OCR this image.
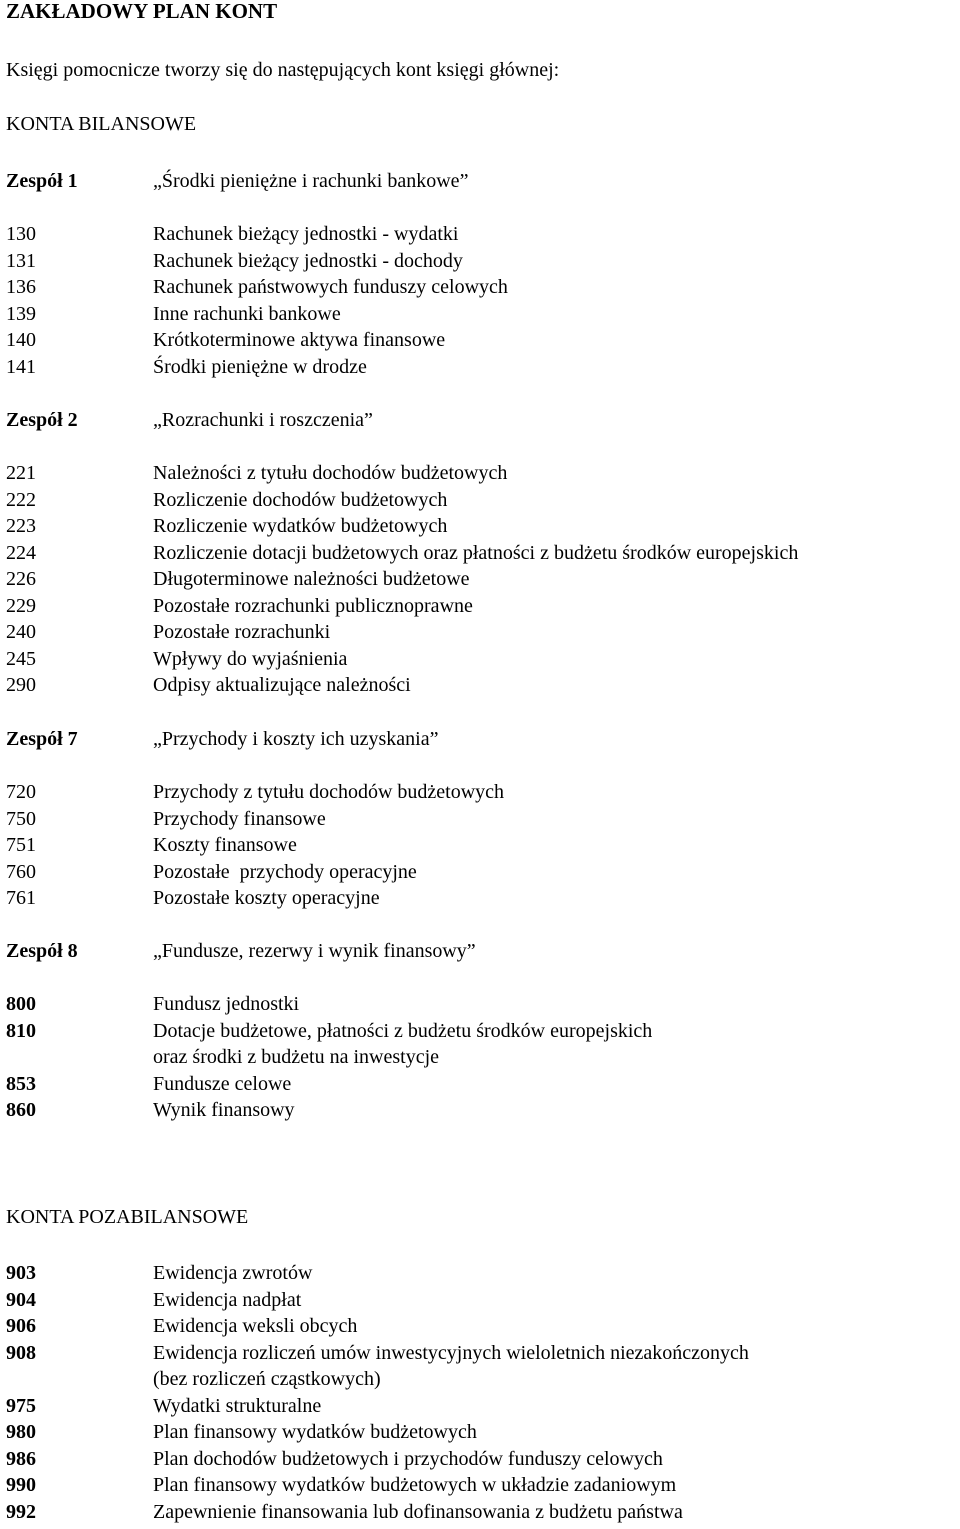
ZAKŁADOWY PLAN KONT
Księgi pomocnicze tworzy się do następujących kont księgi głównej:
KONTA BILANSOWE
Zespół 1	„Środki pieniężne i rachunki bankowe”
130	Rachunek bieżący jednostki - wydatki
131	Rachunek bieżący jednostki - dochody
136	Rachunek państwowych funduszy celowych
139	Inne rachunki bankowe
140	Krótkoterminowe aktywa finansowe
141	Środki pieniężne w drodze
Zespół 2	„Rozrachunki i roszczenia”
221	Należności z tytułu dochodów budżetowych
222	Rozliczenie dochodów budżetowych
223	Rozliczenie wydatków budżetowych
224	Rozliczenie dotacji budżetowych oraz płatności z budżetu środków europejskich
226	Długoterminowe należności budżetowe
229	Pozostałe rozrachunki publicznoprawne
240	Pozostałe rozrachunki
245	Wpływy do wyjaśnienia
290	Odpisy aktualizujące należności
Zespół 7	„Przychody i koszty ich uzyskania”
720	Przychody z tytułu dochodów budżetowych
750	Przychody finansowe
751	Koszty finansowe
760	Pozostałe  przychody operacyjne
761	Pozostałe koszty operacyjne
Zespół 8	„Fundusze, rezerwy i wynik finansowy”
800	Fundusz jednostki
810	Dotacje budżetowe, płatności z budżetu środków europejskich
oraz środki z budżetu na inwestycje
853	Fundusze celowe
860	Wynik finansowy
KONTA POZABILANSOWE
903	Ewidencja zwrotów
904	Ewidencja nadpłat
906	Ewidencja weksli obcych
908	Ewidencja rozliczeń umów inwestycyjnych wieloletnich niezakończonych
(bez rozliczeń cząstkowych)
975	Wydatki strukturalne
980	Plan finansowy wydatków budżetowych
986	Plan dochodów budżetowych i przychodów funduszy celowych
990	Plan finansowy wydatków budżetowych w układzie zadaniowym
992	Zapewnienie finansowania lub dofinansowania z budżetu państwa
